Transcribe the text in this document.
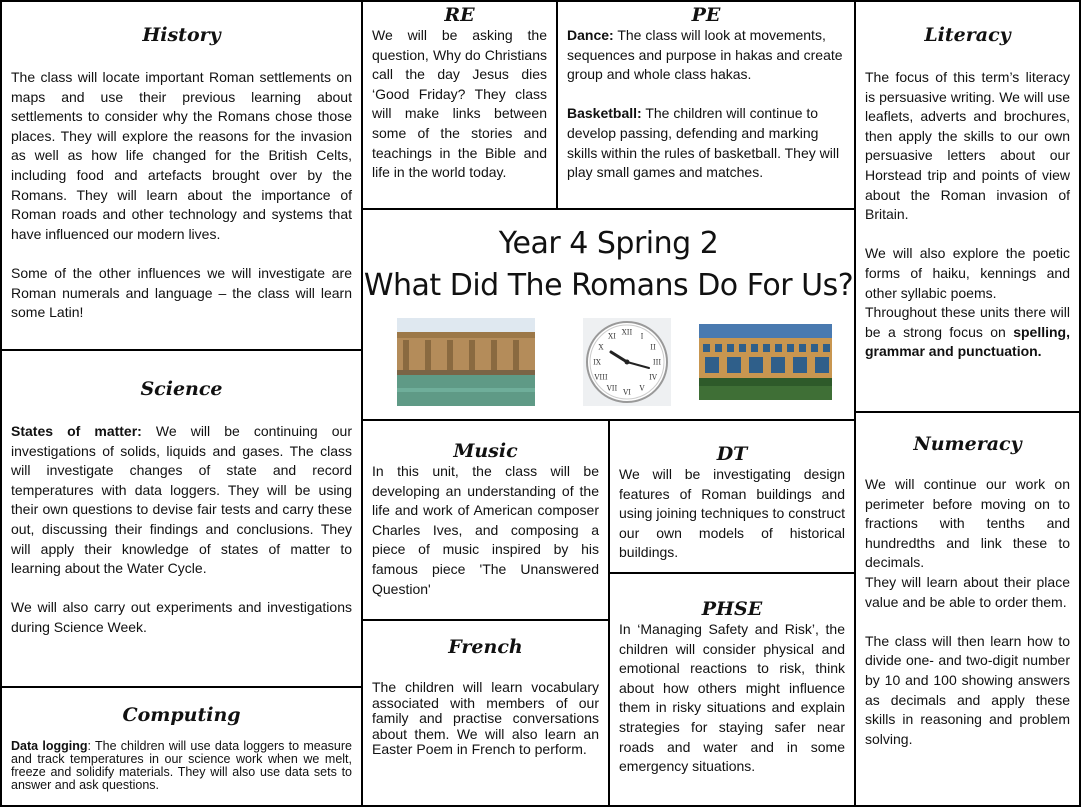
History
The class will locate important Roman settlements on maps and use their previous learning about settlements to consider why the Romans chose those places. They will explore the reasons for the invasion as well as how life changed for the British Celts, including food and artefacts brought over by the Romans. They will learn about the importance of Roman roads and other technology and systems that have influenced our modern lives.
Some of the other influences we will investigate are Roman numerals and language – the class will learn some Latin!
RE
We will be asking the question, Why do Christians call the day Jesus dies ‘Good Friday? They class will make links between some of the stories and teachings in the Bible and life in the world today.
PE
Dance: The class will look at movements, sequences and purpose in hakas and create group and whole class hakas.
Basketball: The children will continue to develop passing, defending and marking skills within the rules of basketball. They will play small games and matches.
Literacy
The focus of this term’s literacy is persuasive writing. We will use leaflets, adverts and brochures, then apply the skills to our own persuasive letters about our Horstead trip and points of view about the Roman invasion of Britain.
We will also explore the poetic forms of haiku, kennings and other syllabic poems.
Throughout these units there will be a strong focus on spelling, grammar and punctuation.
Year 4 Spring 2
What Did The Romans Do For Us?
XII
I
II
III
IV
V
VI
VII
VIII
IX
X
XI
Science
States of matter: We will be continuing our investigations of solids, liquids and gases. The class will investigate changes of state and record temperatures with data loggers. They will be using their own questions to devise fair tests and carry these out, discussing their findings and conclusions. They will apply their knowledge of states of matter to learning about the Water Cycle.
We will also carry out experiments and investigations during Science Week.
Music
In this unit, the class will be developing an understanding of the life and work of American composer Charles Ives, and composing a piece of music inspired by his famous piece 'The Unanswered Question'
DT
We will be investigating design features of Roman buildings and using joining techniques to construct our own models of historical buildings.
Numeracy
We will continue our work on perimeter before moving on to fractions with tenths and hundredths and link these to decimals.
They will learn about their place value and be able to order them.
The class will then learn how to divide one- and two-digit number by 10 and 100 showing answers as decimals and apply these skills in reasoning and problem solving.
PHSE
In ‘Managing Safety and Risk’, the children will consider physical and emotional reactions to risk, think about how others might influence them in risky situations and explain strategies for staying safer near roads and water and in some emergency situations.
French
The children will learn vocabulary associated with members of our family and practise conversations about them. We will also learn an Easter Poem in French to perform.
Computing
Data logging: The children will use data loggers to measure and track temperatures in our science work when we melt, freeze and solidify materials. They will also use data sets to answer and ask questions.
